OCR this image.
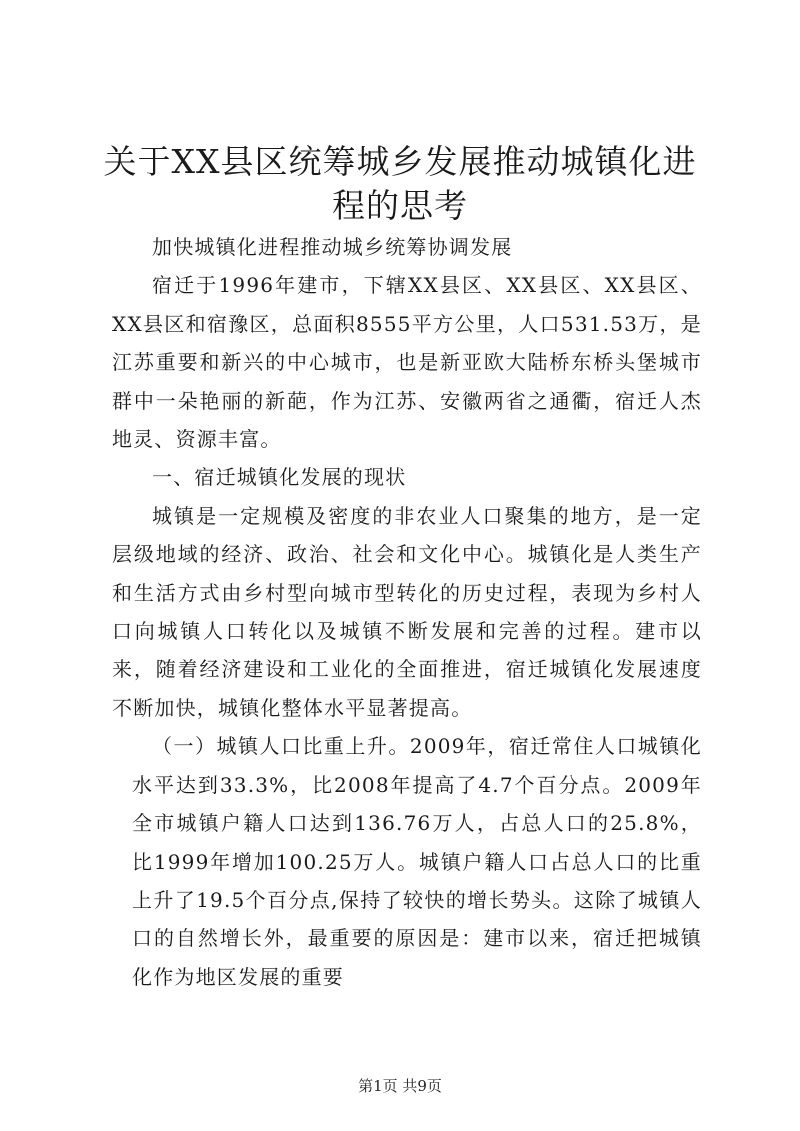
关于XX县区统筹城乡发展推动城镇化进程的思考

加快城镇化进程推动城乡统筹协调发展

宿迁于1996年建市，下辖XX县区、XX县区、XX县区、XX县区和宿豫区，总面积8555平方公里，人口531.53万，是江苏重要和新兴的中心城市，也是新亚欧大陆桥东桥头堡城市群中一朵艳丽的新葩，作为江苏、安徽两省之通衢，宿迁人杰地灵、资源丰富。

一、宿迁城镇化发展的现状

城镇是一定规模及密度的非农业人口聚集的地方，是一定层级地域的经济、政治、社会和文化中心。城镇化是人类生产和生活方式由乡村型向城市型转化的历史过程，表现为乡村人口向城镇人口转化以及城镇不断发展和完善的过程。建市以来，随着经济建设和工业化的全面推进，宿迁城镇化发展速度不断加快，城镇化整体水平显著提高。

（一）城镇人口比重上升。2009年，宿迁常住人口城镇化水平达到33.3%，比2008年提高了4.7个百分点。2009年全市城镇户籍人口达到136.76万人，占总人口的25.8%，比1999年增加100.25万人。城镇户籍人口占总人口的比重上升了19.5个百分点,保持了较快的增长势头。这除了城镇人口的自然增长外，最重要的原因是：建市以来，宿迁把城镇化作为地区发展的重要

第1页 共9页
